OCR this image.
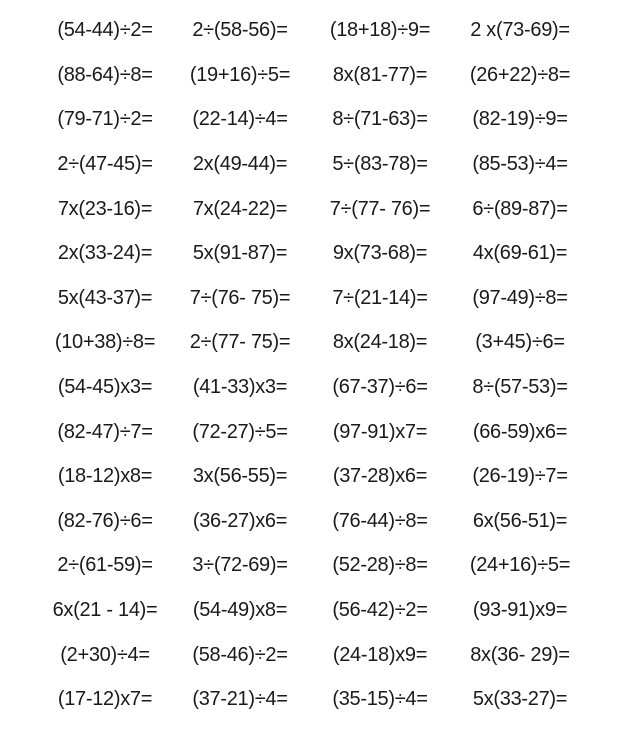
(54-44)÷2=	2÷(58-56)=	(18+18)÷9=	2 x(73-69)=
(88-64)÷8=	(19+16)÷5=	8x(81-77)=	(26+22)÷8=
(79-71)÷2=	(22-14)÷4=	8÷(71-63)=	(82-19)÷9=
2÷(47-45)=	2x(49-44)=	5÷(83-78)=	(85-53)÷4=
7x(23-16)=	7x(24-22)=	7÷(77- 76)=	6÷(89-87)=
2x(33-24)=	5x(91-87)=	9x(73-68)=	4x(69-61)=
5x(43-37)=	7÷(76- 75)=	7÷(21-14)=	(97-49)÷8=
(10+38)÷8=	2÷(77- 75)=	8x(24-18)=	(3+45)÷6=
(54-45)x3=	(41-33)x3=	(67-37)÷6=	8÷(57-53)=
(82-47)÷7=	(72-27)÷5=	(97-91)x7=	(66-59)x6=
(18-12)x8=	3x(56-55)=	(37-28)x6=	(26-19)÷7=
(82-76)÷6=	(36-27)x6=	(76-44)÷8=	6x(56-51)=
2÷(61-59)=	3÷(72-69)=	(52-28)÷8=	(24+16)÷5=
6x(21 - 14)=	(54-49)x8=	(56-42)÷2=	(93-91)x9=
(2+30)÷4=	(58-46)÷2=	(24-18)x9=	8x(36- 29)=
(17-12)x7=	(37-21)÷4=	(35-15)÷4=	5x(33-27)=
